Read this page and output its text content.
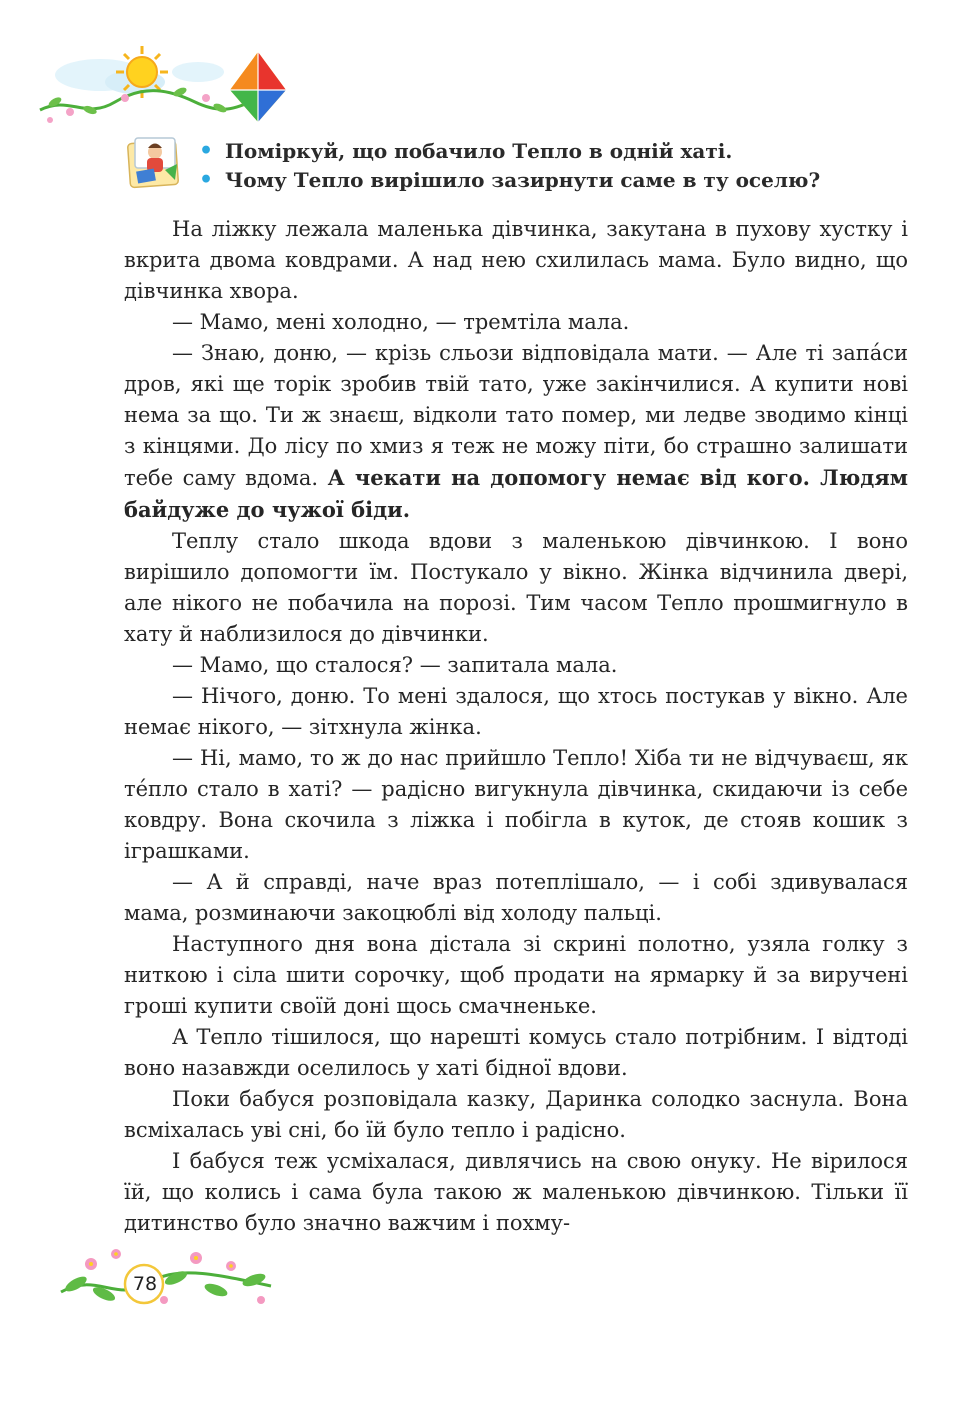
• Поміркуй, що побачило Тепло в одній хаті.
• Чому Тепло вирішило зазирнути саме в ту оселю?

На ліжку лежала маленька дівчинка, закутана в пухову хустку і вкрита двома ковдрами. А над нею схилилась мама. Було видно, що дівчинка хвора.

— Мамо, мені холодно, — тремтіла мала.

— Знаю, доню, — крізь сльози відповідала мати. — Але ті запа́си дров, які ще торік зробив твій тато, уже закінчилися. А купити нові нема за що. Ти ж знаєш, відколи тато помер, ми ледве зводимо кінці з кінцями. До лісу по хмиз я теж не можу піти, бо страшно залишати тебе саму вдома. А чекати на допомогу немає від кого. Людям байдуже до чужої біди.

Теплу стало шкода вдови з маленькою дівчинкою. І воно вирішило допомогти їм. Постукало у вікно. Жінка відчинила двері, але нікого не побачила на порозі. Тим часом Тепло прошмигнуло в хату й наблизилося до дівчинки.

— Мамо, що сталося? — запитала мала.

— Нічого, доню. То мені здалося, що хтось постукав у вікно. Але немає нікого, — зітхнула жінка.

— Ні, мамо, то ж до нас прийшло Тепло! Хіба ти не відчуваєш, як те́пло стало в хаті? — радісно вигукнула дівчинка, скидаючи із себе ковдру. Вона скочила з ліжка і побігла в куток, де стояв кошик з іграшками.

— А й справді, наче враз потеплішало, — і собі здивувалася мама, розминаючи закоцюблі від холоду пальці.

Наступного дня вона дістала зі скрині полотно, узяла голку з ниткою і сіла шити сорочку, щоб продати на ярмарку й за виручені гроші купити своїй доні щось смачненьке.

А Тепло тішилося, що нарешті комусь стало потрібним. І відтоді воно назавжди оселилось у хаті бідної вдови.

Поки бабуся розповідала казку, Даринка солодко заснула. Вона всміхалась уві сні, бо їй було тепло і радісно.

І бабуся теж усміхалася, дивлячись на свою онуку. Не вірилося їй, що колись і сама була такою ж маленькою дівчинкою. Тільки її дитинство було значно важчим і похму-

78
